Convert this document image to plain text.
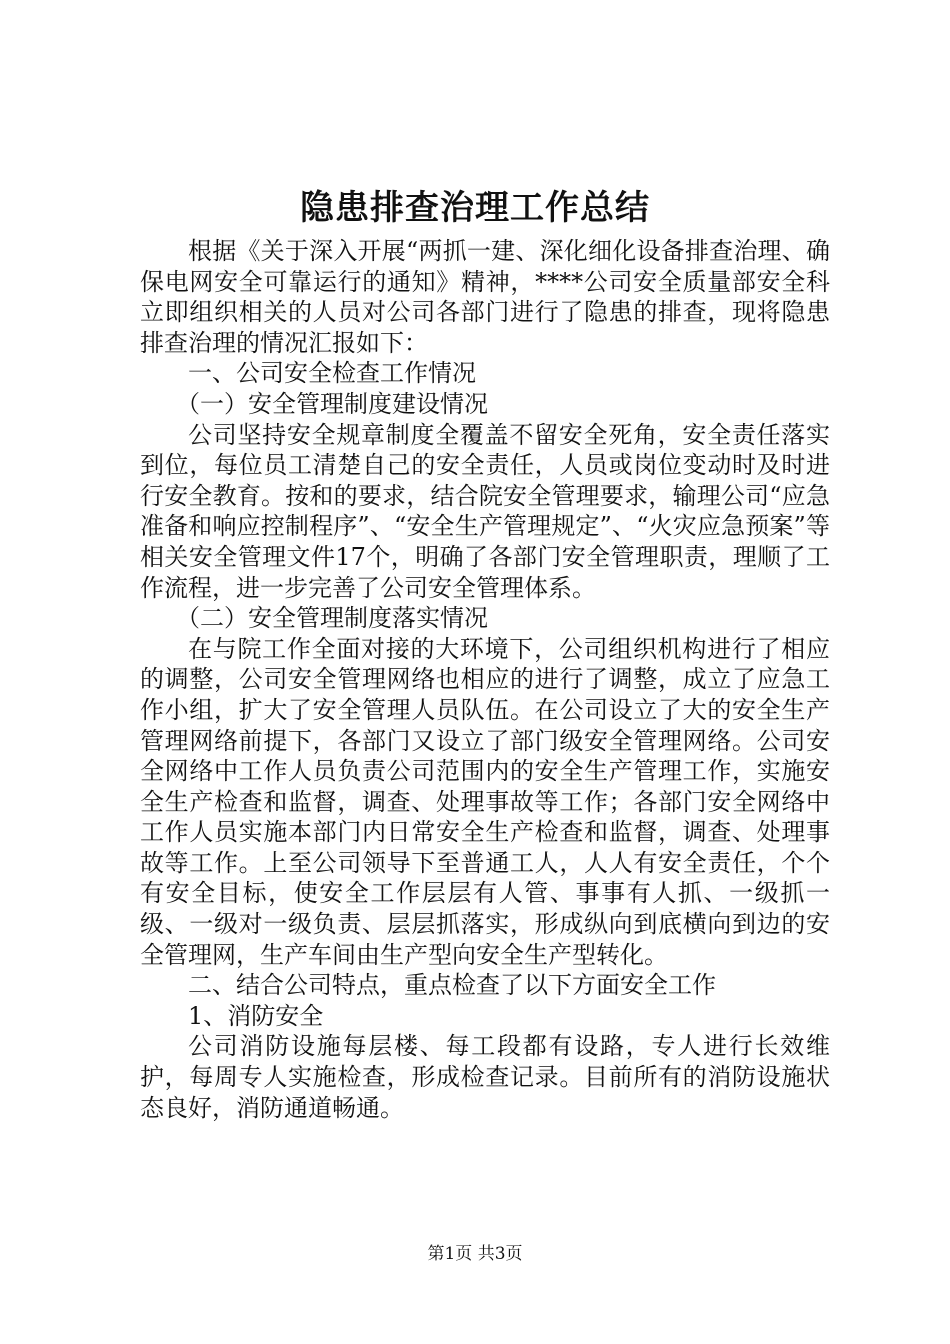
隐患排查治理工作总结

根据《关于深入开展“两抓一建、深化细化设备排查治理、确保电网安全可靠运行的通知》精神，****公司安全质量部安全科立即组织相关的人员对公司各部门进行了隐患的排查，现将隐患排查治理的情况汇报如下：

一、公司安全检查工作情况

（一）安全管理制度建设情况

公司坚持安全规章制度全覆盖不留安全死角，安全责任落实到位，每位员工清楚自己的安全责任，人员或岗位变动时及时进行安全教育。按和的要求，结合院安全管理要求，输理公司“应急准备和响应控制程序”、“安全生产管理规定”、“火灾应急预案”等相关安全管理文件17个，明确了各部门安全管理职责，理顺了工作流程，进一步完善了公司安全管理体系。

（二）安全管理制度落实情况

在与院工作全面对接的大环境下，公司组织机构进行了相应的调整，公司安全管理网络也相应的进行了调整，成立了应急工作小组，扩大了安全管理人员队伍。在公司设立了大的安全生产管理网络前提下，各部门又设立了部门级安全管理网络。公司安全网络中工作人员负责公司范围内的安全生产管理工作，实施安全生产检查和监督，调查、处理事故等工作；各部门安全网络中工作人员实施本部门内日常安全生产检查和监督，调查、处理事故等工作。上至公司领导下至普通工人，人人有安全责任，个个有安全目标，使安全工作层层有人管、事事有人抓、一级抓一级、一级对一级负责、层层抓落实，形成纵向到底横向到边的安全管理网，生产车间由生产型向安全生产型转化。

二、结合公司特点，重点检查了以下方面安全工作

1、消防安全

公司消防设施每层楼、每工段都有设路，专人进行长效维护，每周专人实施检查，形成检查记录。目前所有的消防设施状态良好，消防通道畅通。

第1页 共3页
